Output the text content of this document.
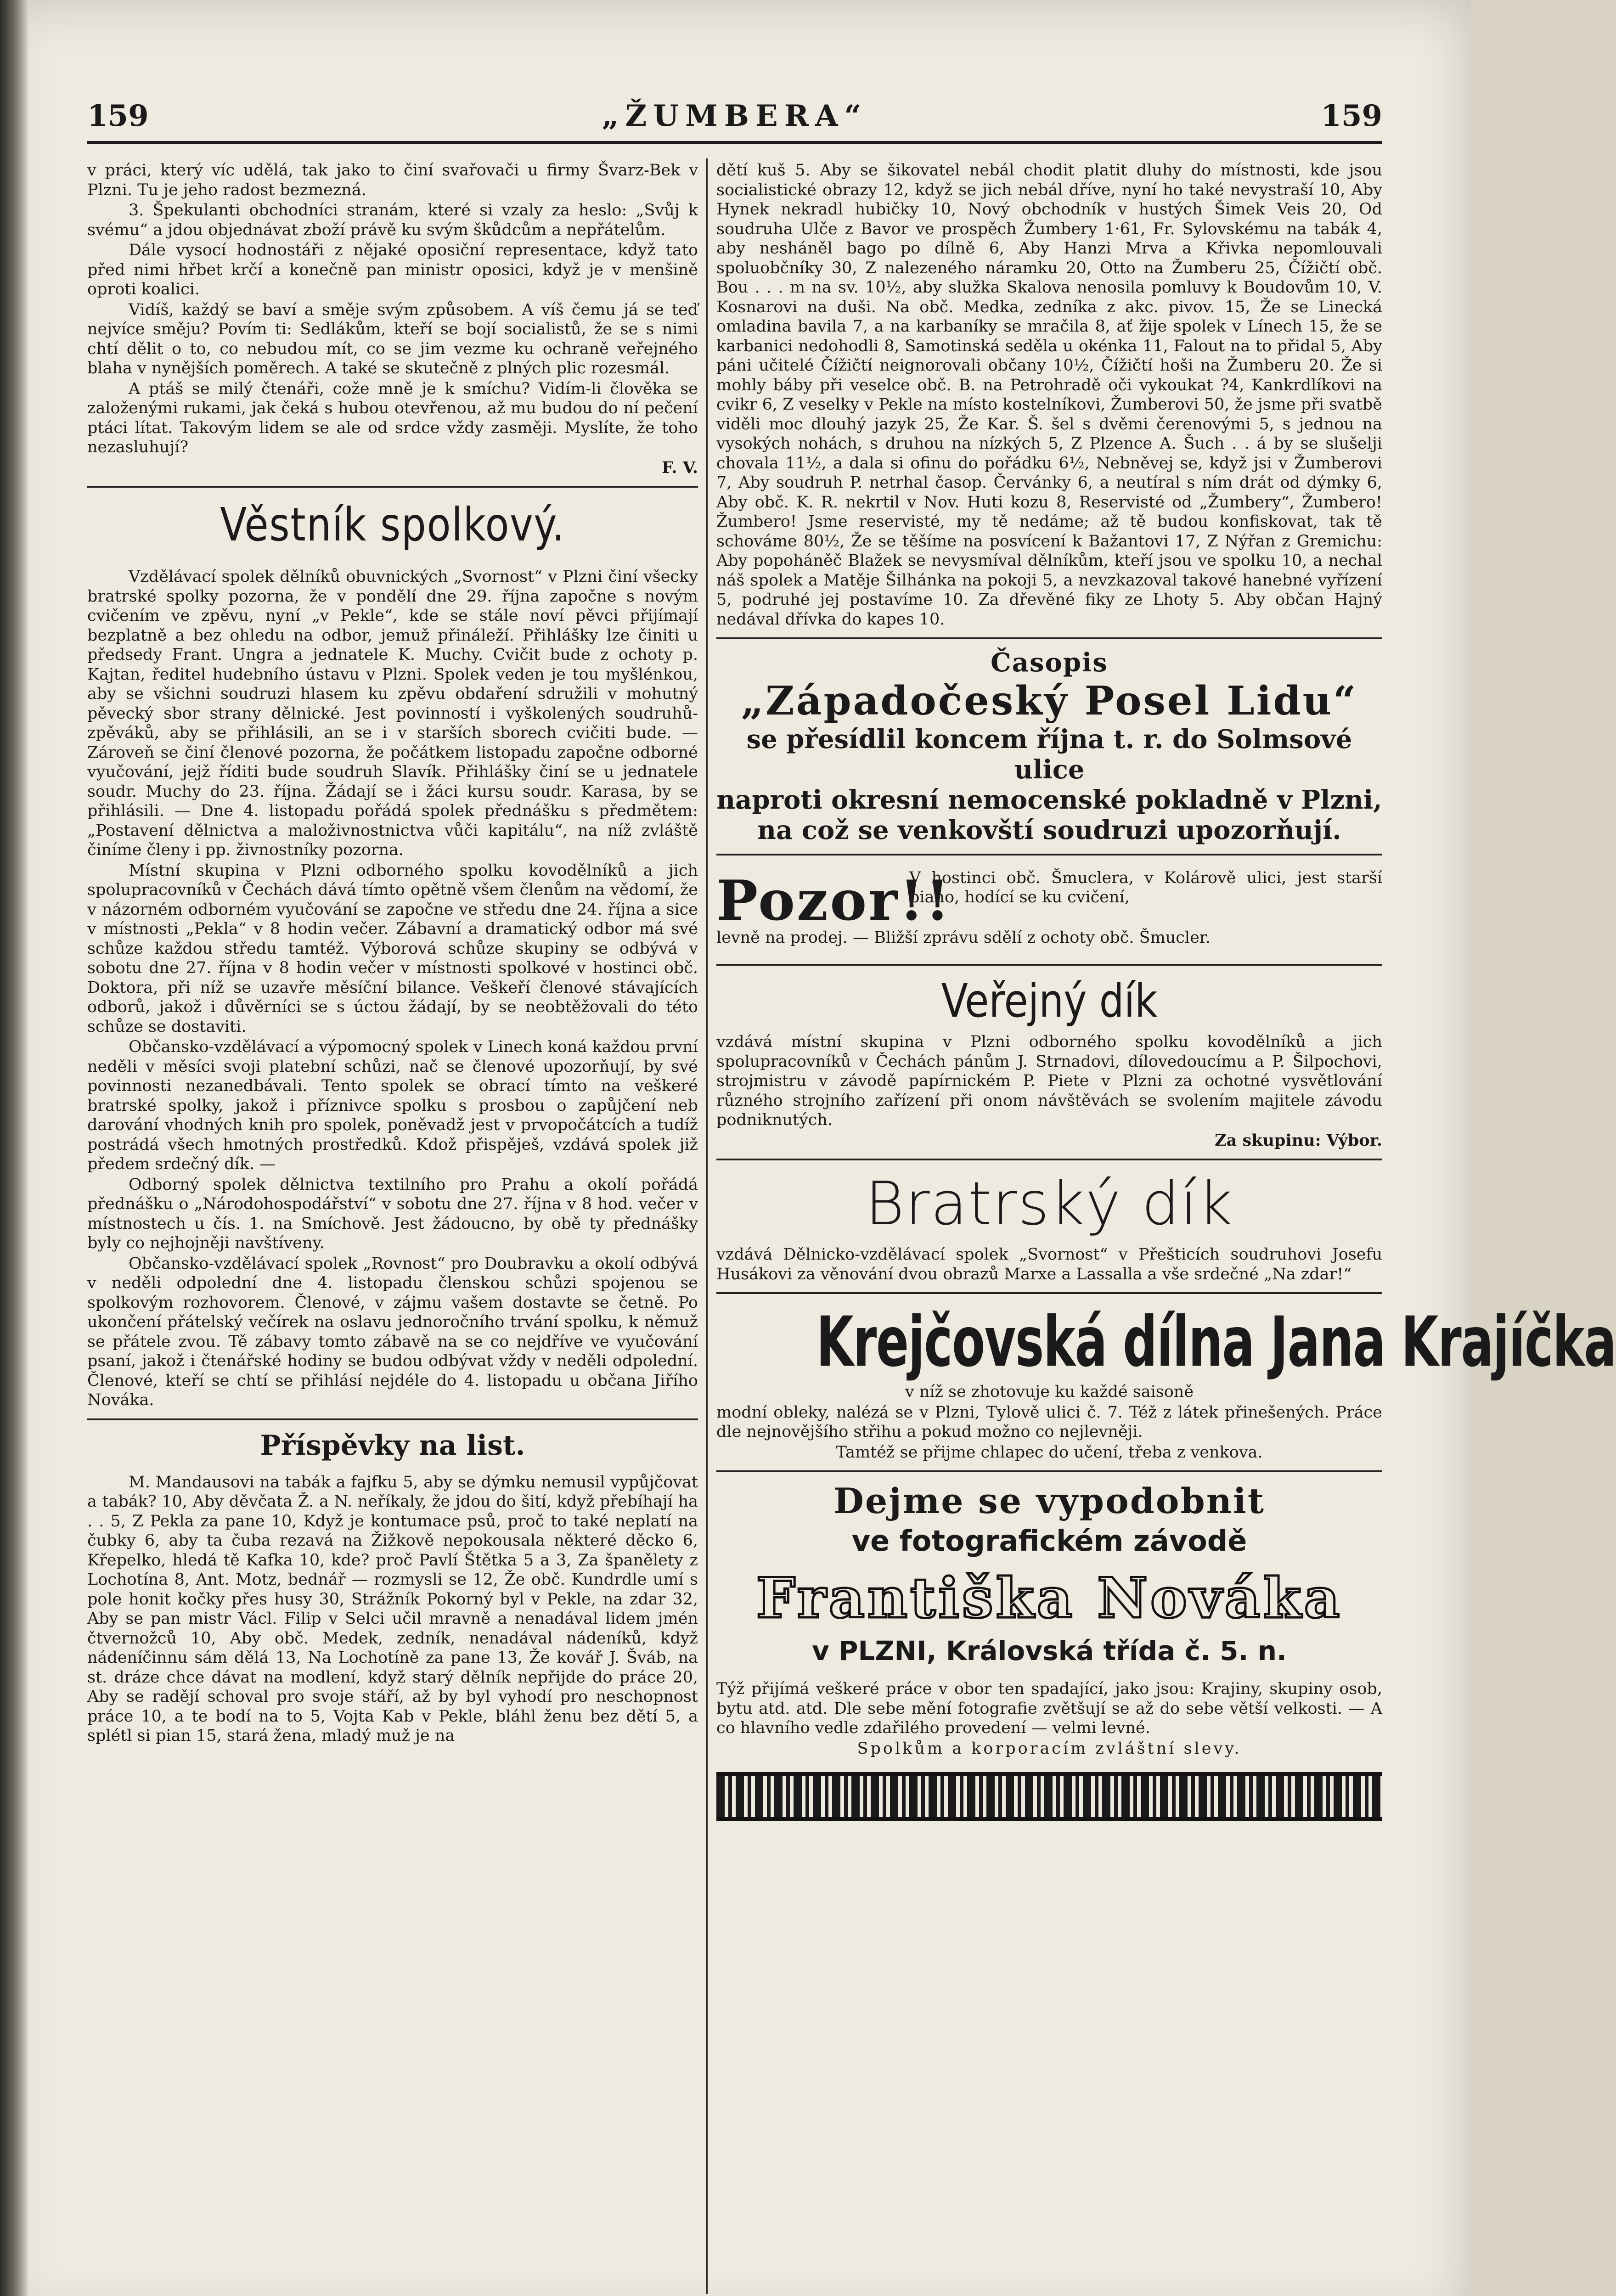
159	„ŽUMBERA“	159

v práci, který víc udělá, tak jako to činí svařovači u firmy Švarz-Bek v Plzni. Tu je jeho radost bezmezná.

3. Špekulanti obchodníci stranám, které si vzaly za heslo: „Svůj k svému“ a jdou objednávat zboží právě ku svým škůdcům a nepřátelům.

Dále vysocí hodnostáři z nějaké oposiční representace, když tato před nimi hřbet krčí a konečně pan ministr oposici, když je v menšině oproti koalici.

Vidíš, každý se baví a směje svým způsobem. A víš čemu já se teď nejvíce směju? Povím ti: Sedlákům, kteří se bojí socialistů, že se s nimi chtí dělit o to, co nebudou mít, co se jim vezme ku ochraně veřejného blaha v nynějších poměrech. A také se skutečně z plných plic rozesmál.

A ptáš se milý čtenáři, cože mně je k smíchu? Vidím-li člověka se založenými rukami, jak čeká s hubou otevřenou, až mu budou do ní pečení ptáci lítat. Takovým lidem se ale od srdce vždy zasměji. Myslíte, že toho nezasluhují?

F. V.

Věstník spolkový.

Vzdělávací spolek dělníků obuvnických „Svornost“ v Plzni činí všecky bratrské spolky pozorna, že v pondělí dne 29. října započne s novým cvičením ve zpěvu, nyní „v Pekle“, kde se stále noví pěvci přijímají bezplatně a bez ohledu na odbor, jemuž přináleží. Přihlášky lze činiti u předsedy Frant. Ungra a jednatele K. Muchy. Cvičit bude z ochoty p. Kajtan, ředitel hudebního ústavu v Plzni. Spolek veden je tou myšlénkou, aby se všichni soudruzi hlasem ku zpěvu obdaření sdružili v mohutný pěvecký sbor strany dělnické. Jest povinností i vyškolených soudruhů-zpěváků, aby se přihlásili, an se i v starších sborech cvičiti bude. — Zároveň se činí členové pozorna, že počátkem listopadu započne odborné vyučování, jejž říditi bude soudruh Slavík. Přihlášky činí se u jednatele soudr. Muchy do 23. října. Žádají se i žáci kursu soudr. Karasa, by se přihlásili. — Dne 4. listopadu pořádá spolek přednášku s předmětem: „Postavení dělnictva a maloživnostnictva vůči kapitálu“, na níž zvláště činíme členy i pp. živnostníky pozorna.

Místní skupina v Plzni odborného spolku kovodělníků a jich spolupracovníků v Čechách dává tímto opětně všem členům na vědomí, že v názorném odborném vyučování se započne ve středu dne 24. října a sice v místnosti „Pekla“ v 8 hodin večer. Zábavní a dramatický odbor má své schůze každou středu tamtéž. Výborová schůze skupiny se odbývá v sobotu dne 27. října v 8 hodin večer v místnosti spolkové v hostinci obč. Doktora, při níž se uzavře měsíční bilance. Veškeří členové stávajících odborů, jakož i důvěrníci se s úctou žádají, by se neobtěžovali do této schůze se dostaviti.

Občansko-vzdělávací a výpomocný spolek v Linech koná každou první neděli v měsíci svoji platební schůzi, nač se členové upozorňují, by své povinnosti nezanedbávali. Tento spolek se obrací tímto na veškeré bratrské spolky, jakož i příznivce spolku s prosbou o zapůjčení neb darování vhodných knih pro spolek, poněvadž jest v prvopočátcích a tudíž postrádá všech hmotných prostředků. Kdož přispěješ, vzdává spolek již předem srdečný dík. —

Odborný spolek dělnictva textilního pro Prahu a okolí pořádá přednášku o „Národohospodářství“ v sobotu dne 27. října v 8 hod. večer v místnostech u čís. 1. na Smíchově. Jest žádoucno, by obě ty přednášky byly co nejhojněji navštíveny.

Občansko-vzdělávací spolek „Rovnost“ pro Doubravku a okolí odbývá v neděli odpolední dne 4. listopadu členskou schůzi spojenou se spolkovým rozhovorem. Členové, v zájmu vašem dostavte se četně. Po ukončení přátelský večírek na oslavu jednoročního trvání spolku, k němuž se přátele zvou. Tě zábavy tomto zábavě na se co nejdříve ve vyučování psaní, jakož i čtenářské hodiny se budou odbývat vždy v neděli odpolední. Členové, kteří se chtí se přihlásí nejdéle do 4. listopadu u občana Jiřího Nováka.

Příspěvky na list.

M. Mandausovi na tabák a fajfku 5, aby se dýmku nemusil vypůjčovat a tabák? 10, Aby děvčata Ž. a N. neříkaly, že jdou do šití, když přebíhají ha . . 5, Z Pekla za pane 10, Když je kontumace psů, proč to také neplatí na čubky 6, aby ta čuba rezavá na Žižkově nepokousala některé děcko 6, Křepelko, hledá tě Kafka 10, kde? proč Pavlí Štětka 5 a 3, Za španělety z Lochotína 8, Ant. Motz, bednář — rozmysli se 12, Že obč. Kundrdle umí s pole honit kočky přes husy 30, Strážník Pokorný byl v Pekle, na zdar 32, Aby se pan mistr Václ. Filip v Selci učil mravně a nenadával lidem jmén čtvernožců 10, Aby obč. Medek, zedník, nenadával nádeníků, když nádeníčinnu sám dělá 13, Na Lochotíně za pane 13, Že kovář J. Šváb, na st. dráze chce dávat na modlení, když starý dělník nepřijde do práce 20, Aby se radějí schoval pro svoje stáří, až by byl vyhodí pro neschopnost práce 10, a te bodí na to 5, Vojta Kab v Pekle, bláhl ženu bez dětí 5, a splétl si pian 15, stará žena, mladý muž je na

dětí kuš 5. Aby se šikovatel nebál chodit platit dluhy do místnosti, kde jsou socialistické obrazy 12, když se jich nebál dříve, nyní ho také nevystraší 10, Aby Hynek nekradl hubičky 10, Nový obchodník v hustých Šimek Veis 20, Od soudruha Ulče z Bavor ve prospěch Žumbery 1·61, Fr. Sylovskému na tabák 4, aby nesháněl bago po dílně 6, Aby Hanzi Mrva a Křivka nepomlouvali spoluobčníky 30, Z nalezeného náramku 20, Otto na Žumberu 25, Čížičtí obč. Bou . . . m na sv. 10½, aby služka Skalova nenosila pomluvy k Boudovům 10, V. Kosnarovi na duši. Na obč. Medka, zedníka z akc. pivov. 15, Že se Linecká omladina bavila 7, a na karbaníky se mračila 8, ať žije spolek v Línech 15, že se karbanici nedohodli 8, Samotinská seděla u okénka 11, Falout na to přidal 5, Aby páni učitelé Čížičtí neignorovali občany 10½, Čížičtí hoši na Žumberu 20. Že si mohly báby při veselce obč. B. na Petrohradě oči vykoukat ?4, Kankrdlíkovi na cvikr 6, Z veselky v Pekle na místo kostelníkovi, Žumberovi 50, že jsme při svatbě viděli moc dlouhý jazyk 25, Že Kar. Š. šel s dvěmi čerenovými 5, s jednou na vysokých nohách, s druhou na nízkých 5, Z Plzence A. Šuch . . á by se slušelji chovala 11½, a dala si ofinu do pořádku 6½, Nebněvej se, když jsi v Žumberovi 7, Aby soudruh P. netrhal časop. Červánky 6, a neutíral s ním drát od dýmky 6, Aby obč. K. R. nekrtil v Nov. Huti kozu 8, Reservisté od „Žumbery“, Žumbero! Žumbero! Jsme reservisté, my tě nedáme; až tě budou konfiskovat, tak tě schováme 80½, Že se těšíme na posvícení k Bažantovi 17, Z Nýřan z Gremichu: Aby popoháněč Blažek se nevysmíval dělníkům, kteří jsou ve spolku 10, a nechal náš spolek a Matěje Šilhánka na pokoji 5, a nevzkazoval takové hanebné vyřízení 5, podruhé jej postavíme 10. Za dřevěné fiky ze Lhoty 5. Aby občan Hajný nedával dřívka do kapes 10.

Časopis
„Západočeský Posel Lidu“
se přesídlil koncem října t. r. do Solmsové ulice
naproti okresní nemocenské pokladně v Plzni,
na což se venkovští soudruzi upozorňují.
Pozor!!
V hostinci obč. Šmuclera, v Kolárově ulici, jest starší piano, hodící se ku cvičení,
levně na prodej. — Bližší zprávu sdělí z ochoty obč. Šmucler.
Veřejný dík

vzdává místní skupina v Plzni odborného spolku kovodělníků a jich spolupracovníků v Čechách pánům J. Strnadovi, dílovedoucímu a P. Šilpochovi, strojmistru v závodě papírnickém P. Piete v Plzni za ochotné vysvětlování různého strojního zařízení při onom návštěvách se svolením majitele závodu podniknutých.

Za skupinu: Výbor.

Bratrský dík

vzdává Dělnicko-vzdělávací spolek „Svornost“ v Přešticích soudruhovi Josefu Husákovi za věnování dvou obrazů Marxe a Lassalla a vše srdečné „Na zdar!“

Krejčovská dílna Jana Krajíčka

v níž se zhotovuje ku každé saisoně

modní obleky, nalézá se v Plzni, Tylově ulici č. 7. Též z látek přinešených. Práce dle nejnovějšího střihu a pokud možno co nejlevněji.

Tamtéž se přijme chlapec do učení, třeba z venkova.

Dejme se vypodobnit
ve fotografickém závodě
Františka Nováka
v PLZNI, Královská třída č. 5. n.

Týž přijímá veškeré práce v obor ten spadající, jako jsou: Krajiny, skupiny osob, bytu atd. atd. Dle sebe mění fotografie zvětšují se až do sebe větší velkosti. — A co hlavního vedle zdařilého provedení — velmi levné.

Spolkům a korporacím zvláštní slevy.
